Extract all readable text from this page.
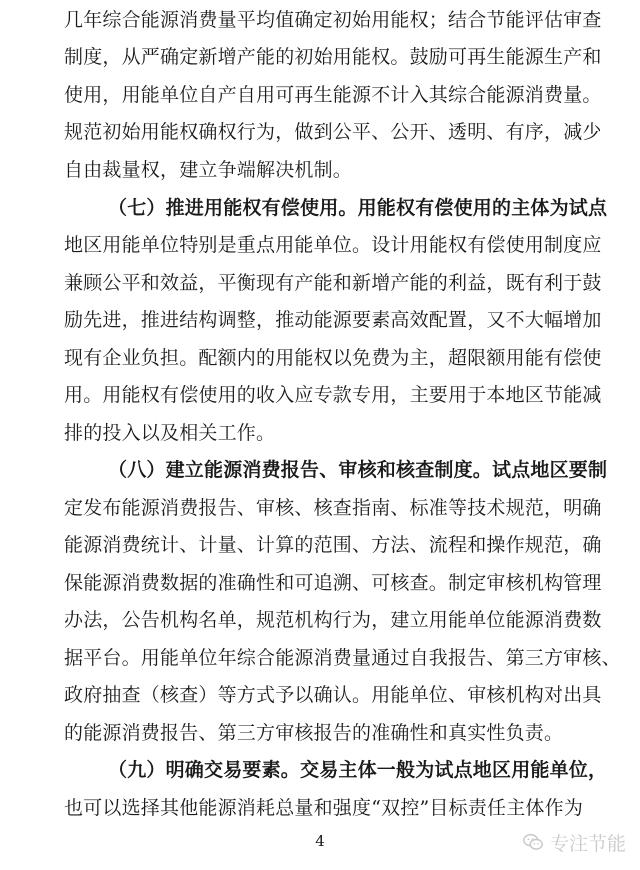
几年综合能源消费量平均值确定初始用能权；结合节能评估审查
制度，从严确定新增产能的初始用能权。鼓励可再生能源生产和
使用，用能单位自产自用可再生能源不计入其综合能源消费量。
规范初始用能权确权行为，做到公平、公开、透明、有序，减少
自由裁量权，建立争端解决机制。
（七）推进用能权有偿使用。用能权有偿使用的主体为试点
地区用能单位特别是重点用能单位。设计用能权有偿使用制度应
兼顾公平和效益，平衡现有产能和新增产能的利益，既有利于鼓
励先进，推进结构调整，推动能源要素高效配置，又不大幅增加
现有企业负担。配额内的用能权以免费为主，超限额用能有偿使
用。用能权有偿使用的收入应专款专用，主要用于本地区节能减
排的投入以及相关工作。
（八）建立能源消费报告、审核和核查制度。试点地区要制
定发布能源消费报告、审核、核查指南、标准等技术规范，明确
能源消费统计、计量、计算的范围、方法、流程和操作规范，确
保能源消费数据的准确性和可追溯、可核查。制定审核机构管理
办法，公告机构名单，规范机构行为，建立用能单位能源消费数
据平台。用能单位年综合能源消费量通过自我报告、第三方审核、
政府抽查（核查）等方式予以确认。用能单位、审核机构对出具
的能源消费报告、第三方审核报告的准确性和真实性负责。
（九）明确交易要素。交易主体一般为试点地区用能单位，
也可以选择其他能源消耗总量和强度“双控”目标责任主体作为
4	专注节能
